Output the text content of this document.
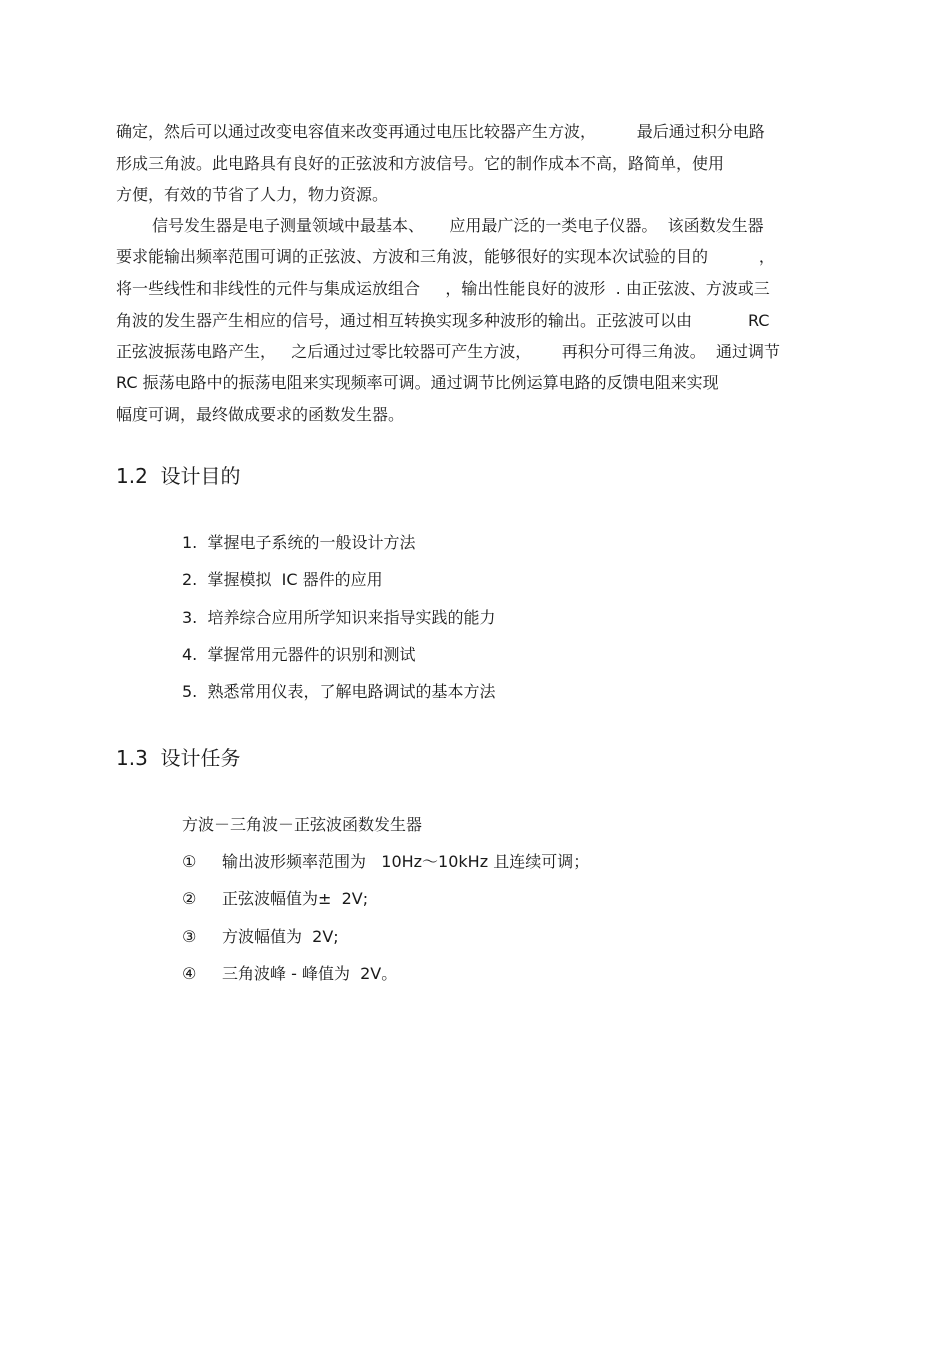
确定，然后可以通过改变电容值来改变再通过电压比较器产生方波，        最后通过积分电路
形成三角波。此电路具有良好的正弦波和方波信号。它的制作成本不高，路简单，使用
方便，有效的节省了人力，物力资源。
信号发生器是电子测量领域中最基本、     应用最广泛的一类电子仪器。  该函数发生器
要求能输出频率范围可调的正弦波、方波和三角波，能够很好的实现本次试验的目的          ，
将一些线性和非线性的元件与集成运放组合     ，输出性能良好的波形  . 由正弦波、方波或三
角波的发生器产生相应的信号，通过相互转换实现多种波形的输出。正弦波可以由           RC
正弦波振荡电路产生，   之后通过过零比较器可产生方波，      再积分可得三角波。  通过调节
RC 振荡电路中的振荡电阻来实现频率可调。通过调节比例运算电路的反馈电阻来实现
幅度可调，最终做成要求的函数发生器。
1.2  设计目的
1.  掌握电子系统的一般设计方法
2.  掌握模拟  IC 器件的应用
3.  培养综合应用所学知识来指导实践的能力
4.  掌握常用元器件的识别和测试
5.  熟悉常用仪表，了解电路调试的基本方法
1.3  设计任务
方波－三角波－正弦波函数发生器
① 输出波形频率范围为   10Hz～10kHz 且连续可调；
② 正弦波幅值为±  2V;
③ 方波幅值为  2V;
④ 三角波峰 - 峰值为  2V。
